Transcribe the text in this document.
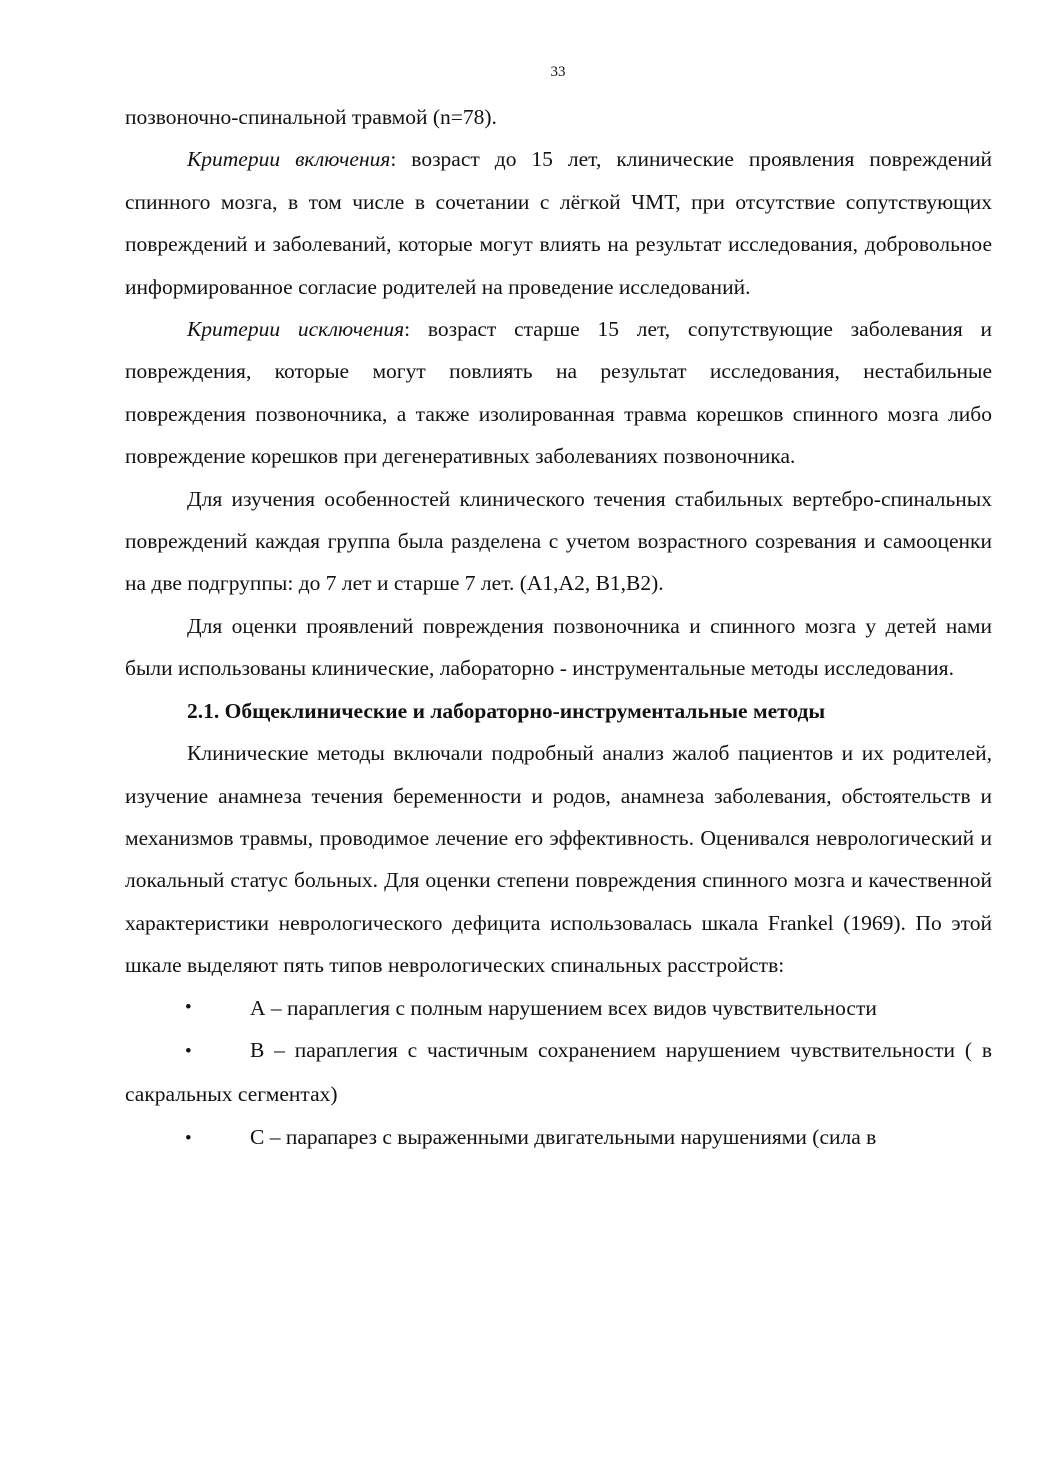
33

позвоночно-спинальной травмой (n=78).

Критерии включения: возраст до 15 лет, клинические проявления повреждений спинного мозга, в том числе в сочетании с лёгкой ЧМТ, при отсутствие сопутствующих повреждений и заболеваний, которые могут влиять на результат исследования, добровольное информированное согласие родителей на проведение исследований.

Критерии исключения: возраст старше 15 лет, сопутствующие заболевания и повреждения, которые могут повлиять на результат исследования, нестабильные повреждения позвоночника, а также изолированная травма корешков спинного мозга либо повреждение корешков при дегенеративных заболеваниях позвоночника.

Для изучения особенностей клинического течения стабильных вертебро-спинальных повреждений каждая группа была разделена с учетом возрастного созревания и самооценки на две подгруппы: до 7 лет и старше 7 лет. (А1,А2, В1,В2).

Для оценки проявлений повреждения позвоночника и спинного мозга у детей нами были использованы клинические, лабораторно - инструментальные методы исследования.

2.1. Общеклинические и лабораторно-инструментальные методы

Клинические методы включали подробный анализ жалоб пациентов и их родителей, изучение анамнеза течения беременности и родов, анамнеза заболевания, обстоятельств и механизмов травмы, проводимое лечение его эффективность. Оценивался неврологический и локальный статус больных. Для оценки степени повреждения спинного мозга и качественной характеристики неврологического дефицита использовалась шкала Frankel (1969). По этой шкале выделяют пять типов неврологических спинальных расстройств:

•	А – параплегия с полным нарушением всех видов чувствительности

•	В – параплегия с частичным сохранением нарушением чувствительности ( в сакральных сегментах)

•	С – парапарез с выраженными двигательными нарушениями (сила в
